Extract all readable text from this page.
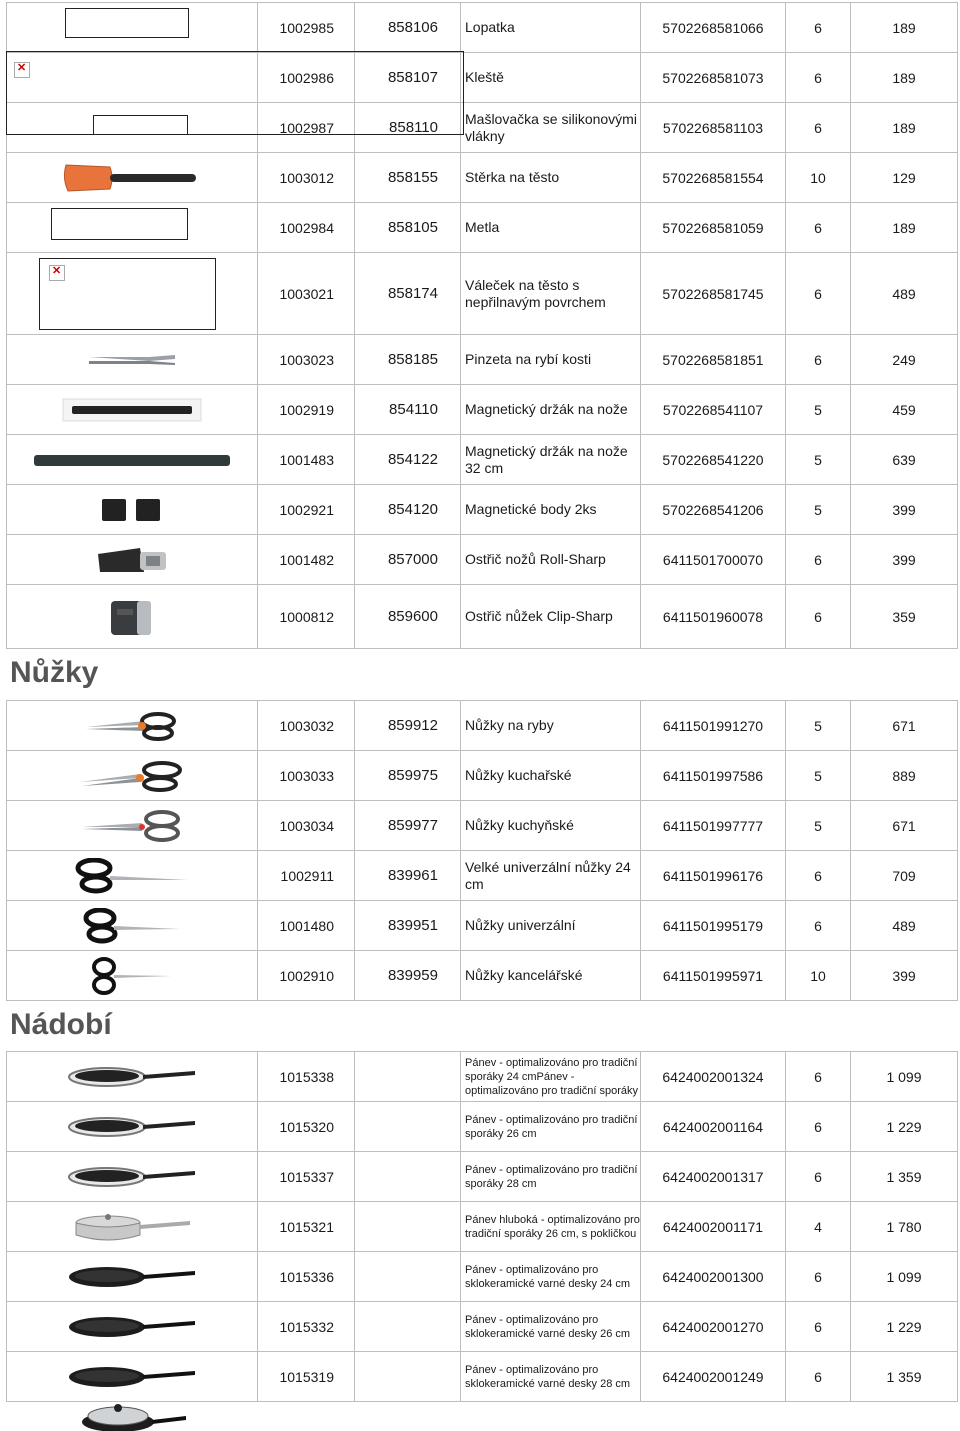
	1002985	858106	Lopatka	5702268581066	6	189

✕
	1002986	858107	Kleště	5702268581073	6	189

	1002987	858110	Mašlovačka se silikonovými vlákny	5702268581103	6	189

	1003012	858155	Stěrka na těsto	5702268581554	10	129

	1002984	858105	Metla	5702268581059	6	189

✕
	1003021	858174	Váleček na těsto s nepřilnavým povrchem	5702268581745	6	489

	1003023	858185	Pinzeta na rybí kosti	5702268581851	6	249

	1002919	854110	Magnetický držák na nože	5702268541107	5	459

	1001483	854122	Magnetický držák na nože 32 cm	5702268541220	5	639

	1002921	854120	Magnetické body 2ks	5702268541206	5	399

	1001482	857000	Ostřič nožů Roll-Sharp	6411501700070	6	399

	1000812	859600	Ostřič nůžek Clip-Sharp	6411501960078	6	359
Nůžky
	1003032	859912	Nůžky na ryby	6411501991270	5	671

	1003033	859975	Nůžky kuchařské	6411501997586	5	889

	1003034	859977	Nůžky kuchyňské	6411501997777	5	671

	1002911	839961	Velké univerzální nůžky 24 cm	6411501996176	6	709

	1001480	839951	Nůžky univerzální	6411501995179	6	489

	1002910	839959	Nůžky kancelářské	6411501995971	10	399
Nádobí
	1015338		Pánev - optimalizováno pro tradiční sporáky 24 cmPánev - optimalizováno pro tradiční sporáky	6424002001324	6	1 099

	1015320		Pánev - optimalizováno pro tradiční sporáky 26 cm	6424002001164	6	1 229

	1015337		Pánev - optimalizováno pro tradiční sporáky 28 cm	6424002001317	6	1 359

	1015321		Pánev hluboká - optimalizováno pro tradiční sporáky 26 cm, s pokličkou	6424002001171	4	1 780

	1015336		Pánev - optimalizováno pro sklokeramické varné desky 24 cm	6424002001300	6	1 099

	1015332		Pánev - optimalizováno pro sklokeramické varné desky 26 cm	6424002001270	6	1 229

	1015319		Pánev - optimalizováno pro sklokeramické varné desky 28 cm	6424002001249	6	1 359
